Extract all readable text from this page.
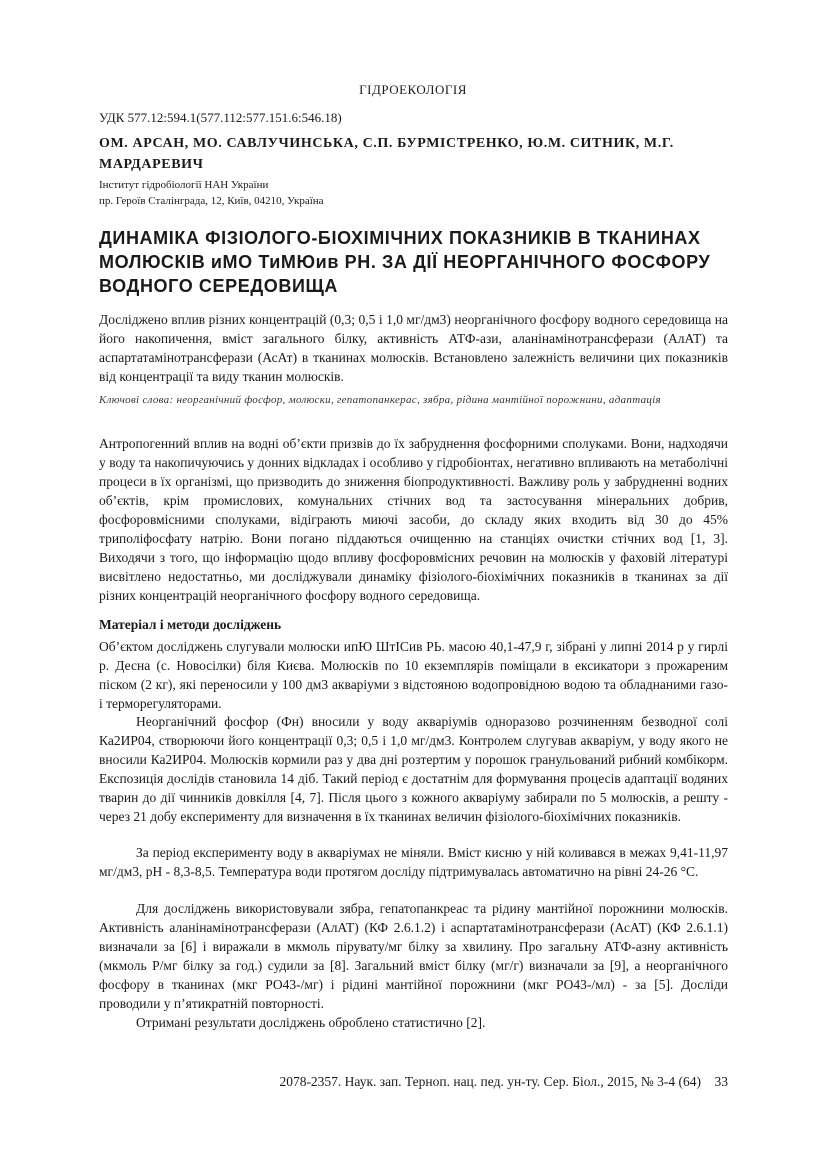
ГІДРОЕКОЛОГІЯ
УДК 577.12:594.1(577.112:577.151.6:546.18)
ОМ. АРСАН, МО. САВЛУЧИНСЬКА, С.П. БУРМІСТРЕНКО, Ю.М. СИТНИК, М.Г. МАРДАРЕВИЧ
Інститут гідробіології НАН України
пр. Героїв Сталінграда, 12, Київ, 04210, Україна
ДИНАМІКА ФІЗІОЛОГО-БІОХІМІЧНИХ ПОКАЗНИКІВ В ТКАНИНАХ МОЛЮСКІВ иМО ТиМЮив РН. ЗА ДІЇ НЕОРГАНІЧНОГО ФОСФОРУ ВОДНОГО СЕРЕДОВИЩА

Досліджено вплив різних концентрацій (0,3; 0,5 і 1,0 мг/дм3) неорганічного фосфору водного середовища на його накопичення, вміст загального білку, активність АТФ-ази, аланінамінотрансферази (АлАТ) та аспартатамінотрансферази (АсАт) в тканинах молюсків. Встановлено залежність величини цих показників від концентрації та виду тканин молюсків.

Ключові слова: неорганічний фосфор, молюски, гепатопанкерас, зябра, рідина мантійної порожнини, адаптація

Антропогенний вплив на водні об’єкти призвів до їх забруднення фосфорними сполуками. Вони, надходячи у воду та накопичуючись у донних відкладах і особливо у гідробіонтах, негативно впливають на метаболічні процеси в їх організмі, що призводить до зниження біопродуктивності. Важливу роль у забрудненні водних об’єктів, крім промислових, комунальних стічних вод та застосування мінеральних добрив, фосфоровмісними сполуками, відіграють миючі засоби, до складу яких входить від 30 до 45% триполіфосфату натрію. Вони погано піддаються очищенню на станціях очистки стічних вод [1, 3]. Виходячи з того, що інформацію щодо впливу фосфоровмісних речовин на молюсків у фаховій літературі висвітлено недостатньо, ми досліджували динаміку фізіолого-біохімічних показників в тканинах за дії різних концентрацій неорганічного фосфору водного середовища.

Матеріал і методи досліджень

Об’єктом досліджень слугували молюски ипЮ ШтІСив РЬ. масою 40,1-47,9 г, зібрані у липні 2014 р у гирлі р. Десна (с. Новосілки) біля Києва. Молюсків по 10 екземплярів поміщали в ексикатори з прожареним піском (2 кг), які переносили у 100 дм3 акваріуми з відстояною водопровідною водою та обладнаними газо- і терморегуляторами.

Неорганічний фосфор (Фн) вносили у воду акваріумів одноразово розчиненням безводної солі Ка2ИР04, створюючи його концентрації 0,3; 0,5 і 1,0 мг/дм3. Контролем слугував акваріум, у воду якого не вносили Ка2ИР04. Молюсків кормили раз у два дні розтертим у порошок гранульований рибний комбікорм. Експозиція дослідів становила 14 діб. Такий період є достатнім для формування процесів адаптації водяних тварин до дії чинників довкілля [4, 7]. Після цього з кожного акваріуму забирали по 5 молюсків, а решту - через 21 добу експерименту для визначення в їх тканинах величин фізіолого-біохімічних показників.

За період експерименту воду в акваріумах не міняли. Вміст кисню у ній коливався в межах 9,41-11,97 мг/дм3, рН - 8,3-8,5. Температура води протягом досліду підтримувалась автоматично на рівні 24-26 °С.

Для досліджень використовували зябра, гепатопанкреас та рідину мантійної порожнини молюсків. Активність аланінамінотрансферази (АлАТ) (КФ 2.6.1.2) і аспартатамінотрансферази (АсАТ) (КФ 2.6.1.1) визначали за [6] і виражали в мкмоль пірувату/мг білку за хвилину. Про загальну АТФ-азну активність (мкмоль Р/мг білку за год.) судили за [8]. Загальний вміст білку (мг/г) визначали за [9], а неорганічного фосфору в тканинах (мкг РО43-/мг) і рідині мантійної порожнини (мкг РО43-/мл) - за [5]. Досліди проводили у п’ятикратній повторності.

Отримані результати досліджень оброблено статистично [2].

2078-2357. Наук. зап. Терноп. нац. пед. ун-ту. Сер. Біол., 2015, № 3-4 (64)    33
